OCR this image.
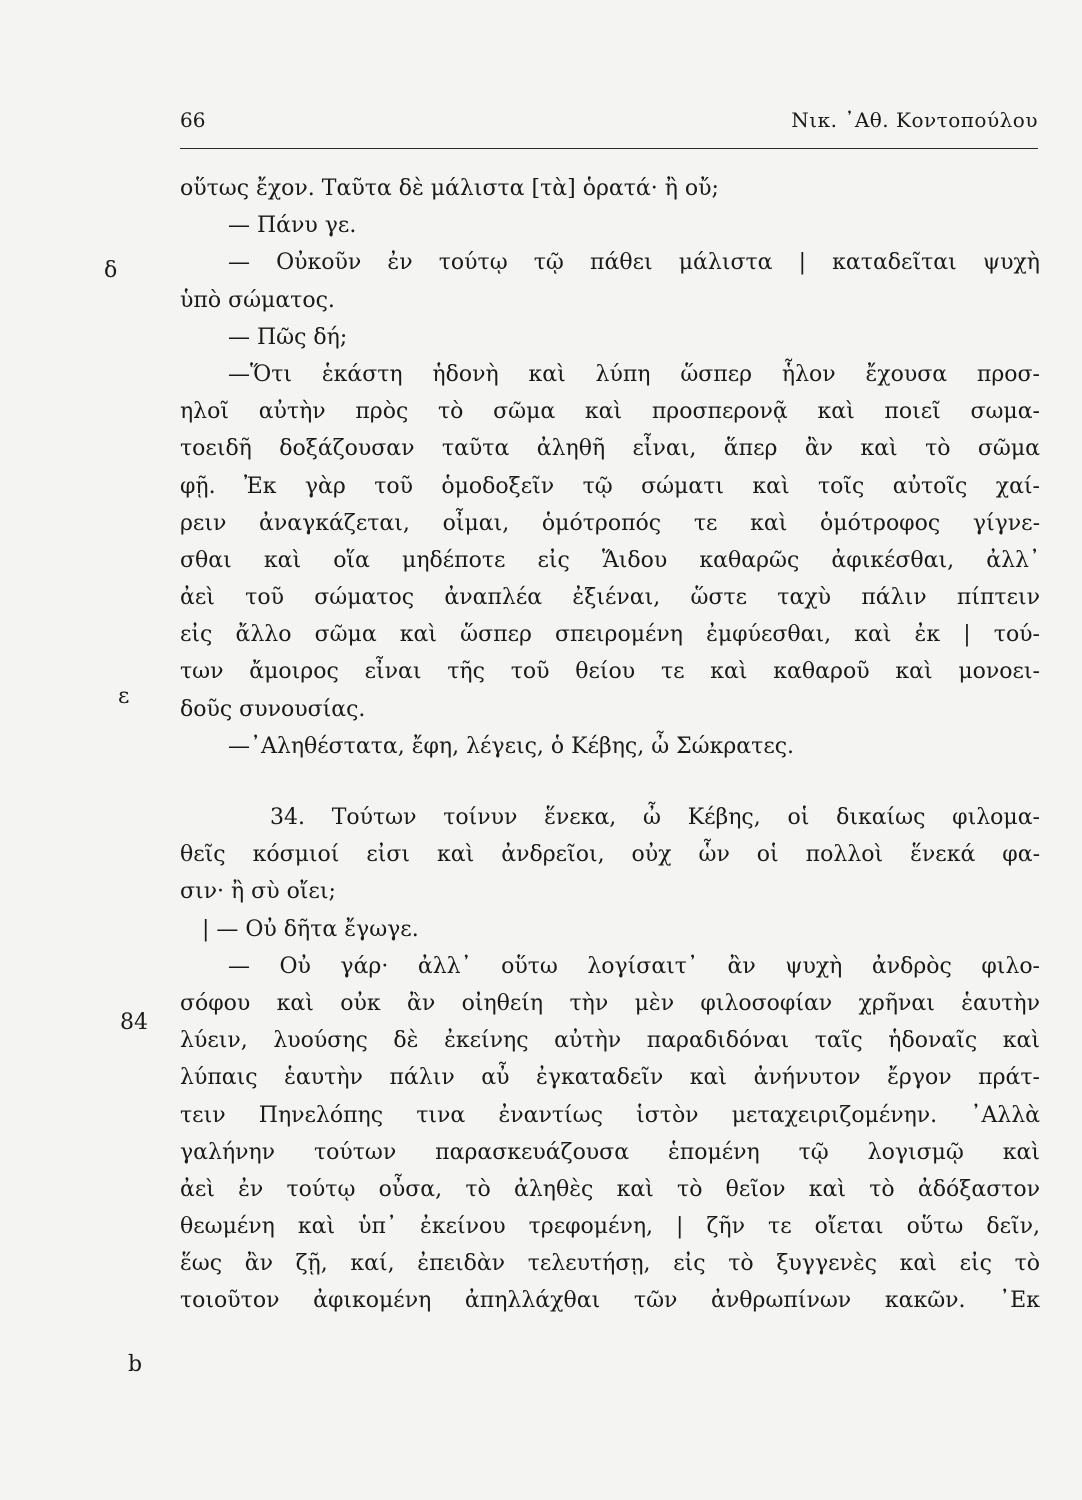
66	Νικ. ᾿Αθ. Κοντοπούλου
δ
ε
84
b
οὕτως ἔχον. Ταῦτα δὲ μάλιστα [τὰ] ὁρατά· ἢ οὔ;
— Πάνυ γε.
— Οὐκοῦν ἐν τούτῳ τῷ πάθει μάλιστα | καταδεῖται ψυχὴ
ὑπὸ σώματος.
— Πῶς δή;
—Ὅτι ἑκάστη ἡδονὴ καὶ λύπη ὥσπερ ἧλον ἔχουσα προσ-
ηλοῖ αὐτὴν πρὸς τὸ σῶμα καὶ προσπερονᾷ καὶ ποιεῖ σωμα-
τοειδῆ δοξάζουσαν ταῦτα ἀληθῆ εἶναι, ἅπερ ἂν καὶ τὸ σῶμα
φῇ. Ἐκ γὰρ τοῦ ὁμοδοξεῖν τῷ σώματι καὶ τοῖς αὐτοῖς χαί-
ρειν ἀναγκάζεται, οἶμαι, ὁμότροπός τε καὶ ὁμότροφος γίγνε-
σθαι καὶ οἵα μηδέποτε εἰς Ἅιδου καθαρῶς ἀφικέσθαι, ἀλλ᾽
ἀεὶ τοῦ σώματος ἀναπλέα ἐξιέναι, ὥστε ταχὺ πάλιν πίπτειν
εἰς ἄλλο σῶμα καὶ ὥσπερ σπειρομένη ἐμφύεσθαι, καὶ ἐκ | τού-
των ἄμοιρος εἶναι τῆς τοῦ θείου τε καὶ καθαροῦ καὶ μονοει-
δοῦς συνουσίας.
—᾿Αληθέστατα, ἔφη, λέγεις, ὁ Κέβης, ὦ Σώκρατες.
34. Τούτων τοίνυν ἕνεκα, ὦ Κέβης, οἱ δικαίως φιλομα-
θεῖς κόσμιοί εἰσι καὶ ἀνδρεῖοι, οὐχ ὧν οἱ πολλοὶ ἕνεκά φα-
σιν· ἢ σὺ οἴει;
| — Οὐ δῆτα ἔγωγε.
— Οὐ γάρ· ἀλλ᾽ οὕτω λογίσαιτ᾽ ἂν ψυχὴ ἀνδρὸς φιλο-
σόφου καὶ οὐκ ἂν οἰηθείη τὴν μὲν φιλοσοφίαν χρῆναι ἑαυτὴν
λύειν, λυούσης δὲ ἐκείνης αὐτὴν παραδιδόναι ταῖς ἡδοναῖς καὶ
λύπαις ἑαυτὴν πάλιν αὖ ἐγκαταδεῖν καὶ ἀνήνυτον ἔργον πράτ-
τειν Πηνελόπης τινα ἐναντίως ἱστὸν μεταχειριζομένην. ᾿Αλλὰ
γαλήνην τούτων παρασκευάζουσα ἑπομένη τῷ λογισμῷ καὶ
ἀεὶ ἐν τούτῳ οὖσα, τὸ ἀληθὲς καὶ τὸ θεῖον καὶ τὸ ἀδόξαστον
θεωμένη καὶ ὑπ᾽ ἐκείνου τρεφομένη, | ζῆν τε οἴεται οὕτω δεῖν,
ἕως ἂν ζῇ, καί, ἐπειδὰν τελευτήσῃ, εἰς τὸ ξυγγενὲς καὶ εἰς τὸ
τοιοῦτον ἀφικομένη ἀπηλλάχθαι τῶν ἀνθρωπίνων κακῶν. ᾿Εκ
